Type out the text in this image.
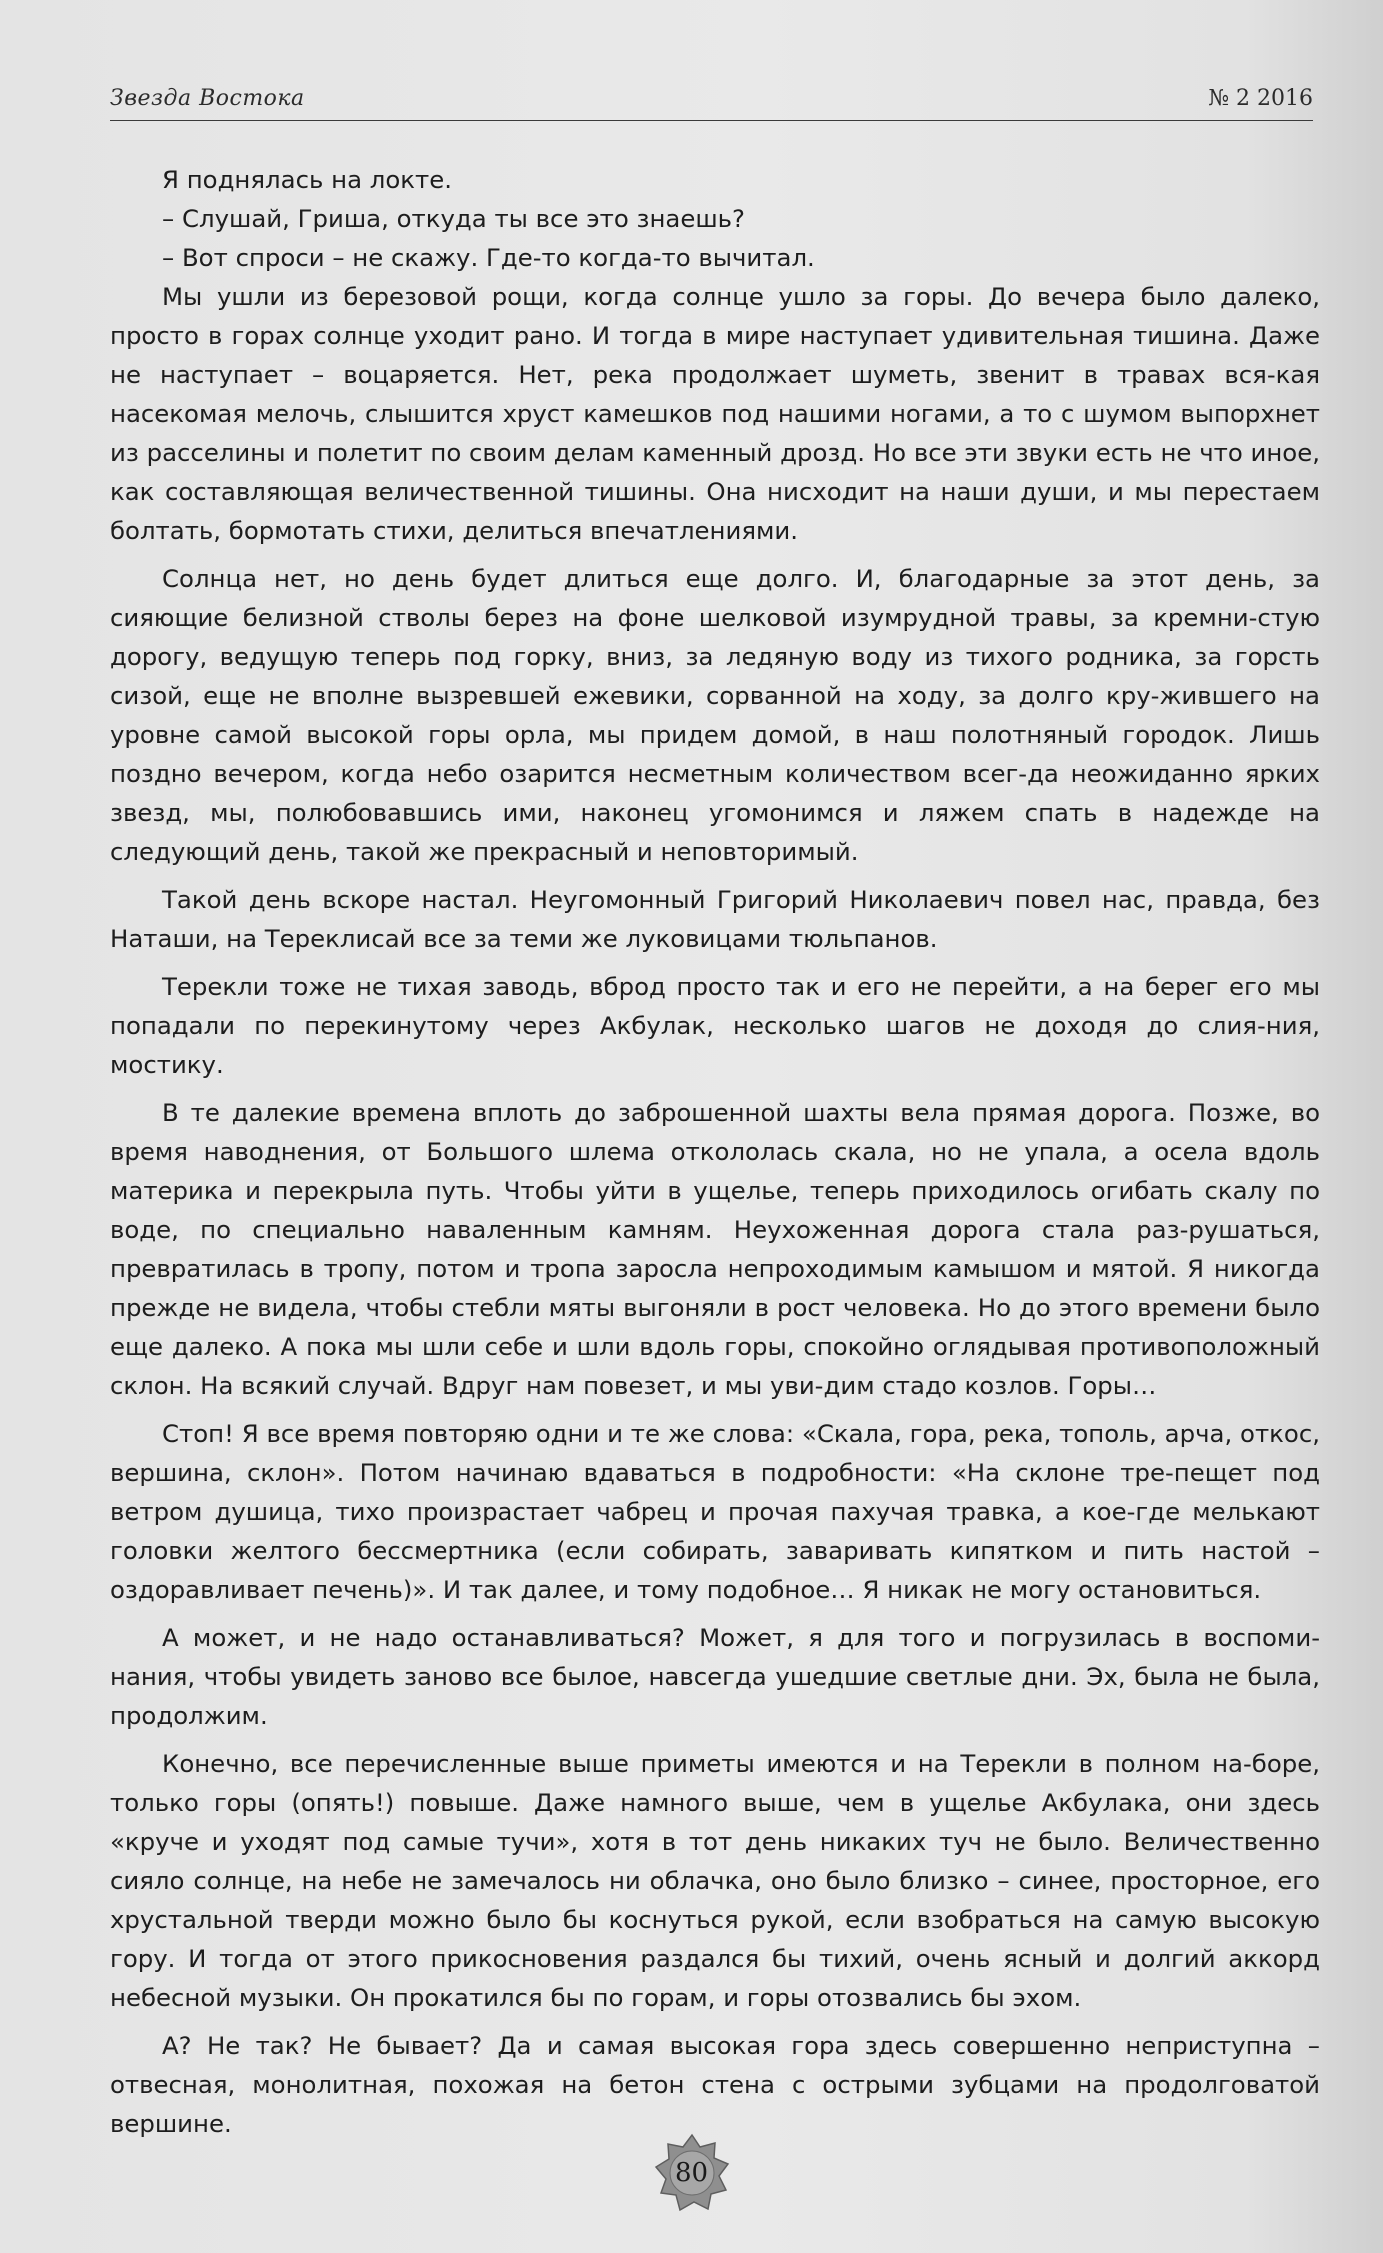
Звезда Востока	№ 2 2016

Я поднялась на локте.

– Слушай, Гриша, откуда ты все это знаешь?

– Вот спроси – не скажу. Где-то когда-то вычитал.

Мы ушли из березовой рощи, когда солнце ушло за горы. До вечера было далеко, просто в горах солнце уходит рано. И тогда в мире наступает удивительная тишина. Даже не наступает – воцаряется. Нет, река продолжает шуметь, звенит в травах вся-кая насекомая мелочь, слышится хруст камешков под нашими ногами, а то с шумом выпорхнет из расселины и полетит по своим делам каменный дрозд. Но все эти звуки есть не что иное, как составляющая величественной тишины. Она нисходит на наши души, и мы перестаем болтать, бормотать стихи, делиться впечатлениями.

Солнца нет, но день будет длиться еще долго. И, благодарные за этот день, за сияющие белизной стволы берез на фоне шелковой изумрудной травы, за кремни-стую дорогу, ведущую теперь под горку, вниз, за ледяную воду из тихого родника, за горсть сизой, еще не вполне вызревшей ежевики, сорванной на ходу, за долго кру-жившего на уровне самой высокой горы орла, мы придем домой, в наш полотняный городок. Лишь поздно вечером, когда небо озарится несметным количеством всег-да неожиданно ярких звезд, мы, полюбовавшись ими, наконец угомонимся и ляжем спать в надежде на следующий день, такой же прекрасный и неповторимый.

Такой день вскоре настал. Неугомонный Григорий Николаевич повел нас, правда, без Наташи, на Тереклисай все за теми же луковицами тюльпанов.

Терекли тоже не тихая заводь, вброд просто так и его не перейти, а на берег его мы попадали по перекинутому через Акбулак, несколько шагов не доходя до слия-ния, мостику.

В те далекие времена вплоть до заброшенной шахты вела прямая дорога. Позже, во время наводнения, от Большого шлема откололась скала, но не упала, а осела вдоль материка и перекрыла путь. Чтобы уйти в ущелье, теперь приходилось огибать скалу по воде, по специально наваленным камням. Неухоженная дорога стала раз-рушаться, превратилась в тропу, потом и тропа заросла непроходимым камышом и мятой. Я никогда прежде не видела, чтобы стебли мяты выгоняли в рост человека. Но до этого времени было еще далеко. А пока мы шли себе и шли вдоль горы, спокойно оглядывая противоположный склон. На всякий случай. Вдруг нам повезет, и мы уви-дим стадо козлов. Горы…

Стоп! Я все время повторяю одни и те же слова: «Скала, гора, река, тополь, арча, откос, вершина, склон». Потом начинаю вдаваться в подробности: «На склоне тре-пещет под ветром душица, тихо произрастает чабрец и прочая пахучая травка, а кое-где мелькают головки желтого бессмертника (если собирать, заваривать кипятком и пить настой – оздоравливает печень)». И так далее, и тому подобное… Я никак не могу остановиться.

А может, и не надо останавливаться? Может, я для того и погрузилась в воспоми-нания, чтобы увидеть заново все былое, навсегда ушедшие светлые дни. Эх, была не была, продолжим.

Конечно, все перечисленные выше приметы имеются и на Терекли в полном на-боре, только горы (опять!) повыше. Даже намного выше, чем в ущелье Акбулака, они здесь «круче и уходят под самые тучи», хотя в тот день никаких туч не было. Величественно сияло солнце, на небе не замечалось ни облачка, оно было близко – синее, просторное, его хрустальной тверди можно было бы коснуться рукой, если взобраться на самую высокую гору. И тогда от этого прикосновения раздался бы тихий, очень ясный и долгий аккорд небесной музыки. Он прокатился бы по горам, и горы отозвались бы эхом.

А? Не так? Не бывает? Да и самая высокая гора здесь совершенно неприступна – отвесная, монолитная, похожая на бетон стена с острыми зубцами на продолговатой вершине.

80
